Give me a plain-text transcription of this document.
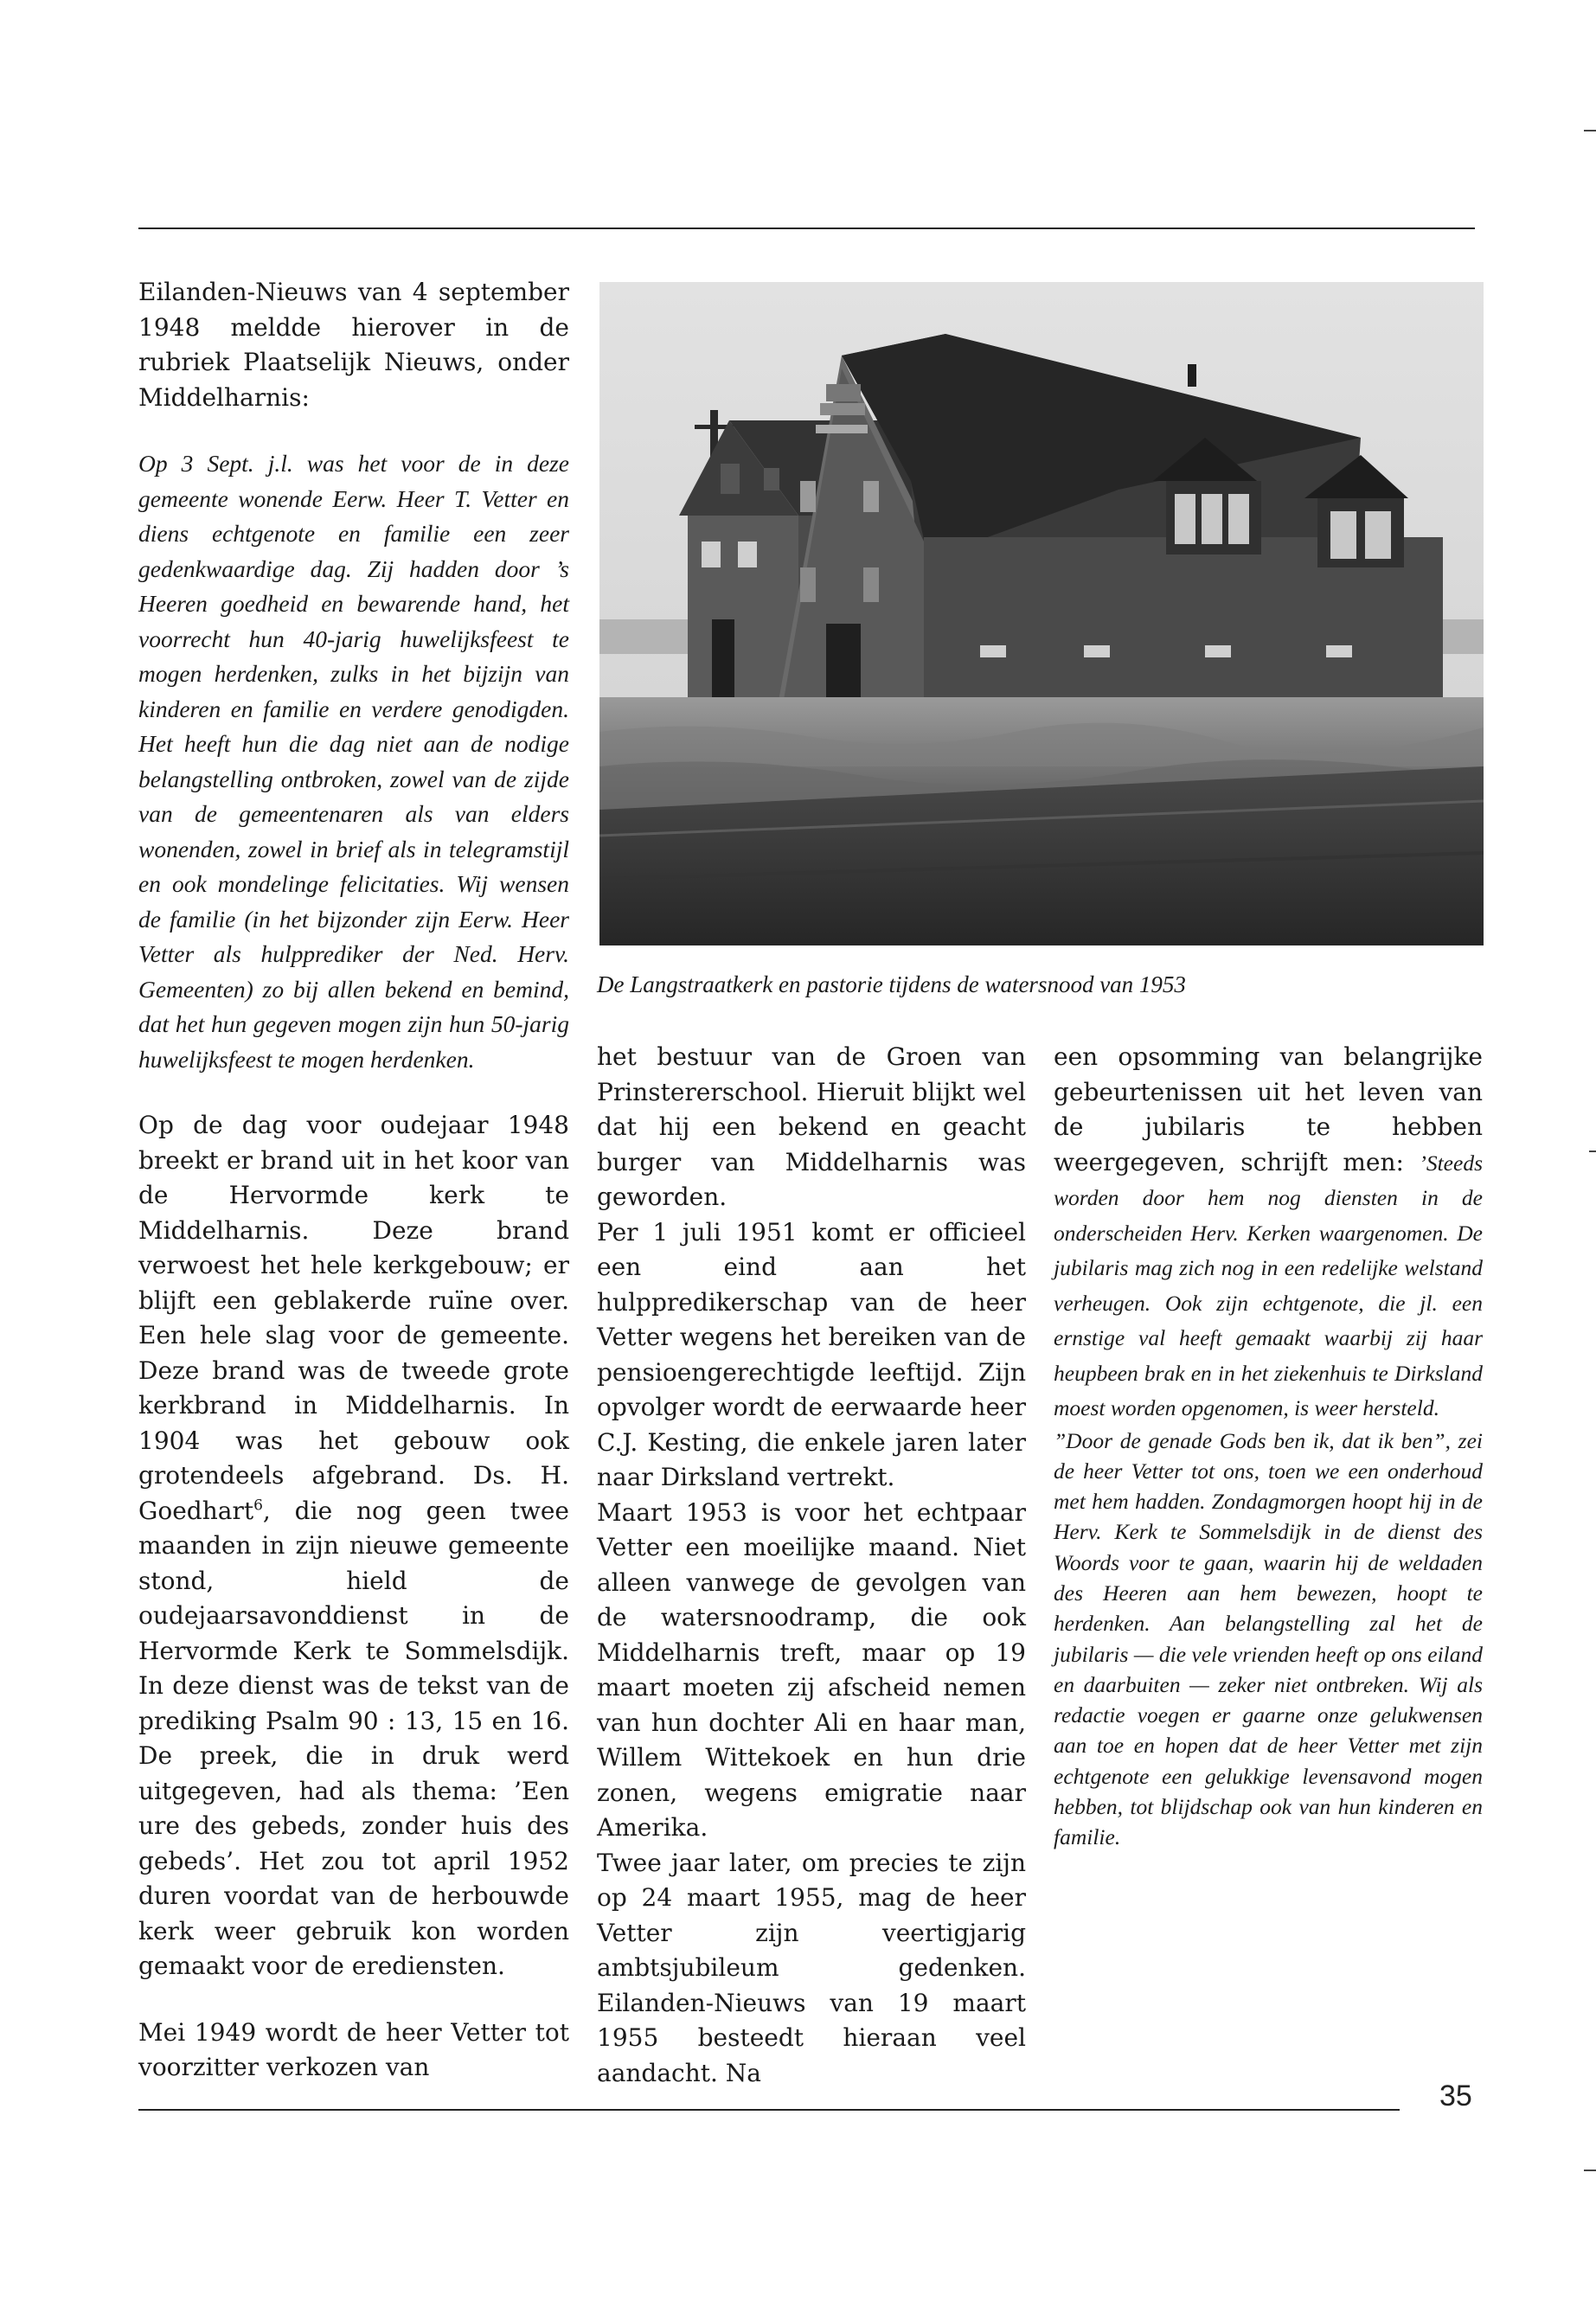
Eilanden-Nieuws van 4 september 1948 meldde hierover in de rubriek Plaatselijk Nieuws, onder Middelharnis:

Op 3 Sept. j.l. was het voor de in deze gemeente wonende Eerw. Heer T. Vetter en diens echtgenote en familie een zeer gedenkwaardige dag. Zij hadden door ’s Heeren goedheid en bewarende hand, het voorrecht hun 40-jarig huwelijksfeest te mogen herdenken, zulks in het bijzijn van kinderen en familie en verdere genodigden. Het heeft hun die dag niet aan de nodige belangstelling ontbroken, zowel van de zijde van de gemeentenaren als van elders wonenden, zowel in brief als in telegramstijl en ook mondelinge felicitaties. Wij wensen de familie (in het bijzonder zijn Eerw. Heer Vetter als hulpprediker der Ned. Herv. Gemeenten) zo bij allen bekend en bemind, dat het hun gegeven mogen zijn hun 50-jarig huwelijksfeest te mogen herdenken.

Op de dag voor oudejaar 1948 breekt er brand uit in het koor van de Hervormde kerk te Middelharnis. Deze brand verwoest het hele kerkgebouw; er blijft een geblakerde ruïne over. Een hele slag voor de gemeente. Deze brand was de tweede grote kerkbrand in Middelharnis. In 1904 was het gebouw ook grotendeels afgebrand. Ds. H. Goedhart$^6$, die nog geen twee maanden in zijn nieuwe gemeente stond, hield de oudejaarsavonddienst in de Hervormde Kerk te Sommelsdijk. In deze dienst was de tekst van de prediking Psalm 90 : 13, 15 en 16. De preek, die in druk werd uitgegeven, had als thema: ’Een ure des gebeds, zonder huis des gebeds’. Het zou tot april 1952 duren voordat van de herbouwde kerk weer gebruik kon worden gemaakt voor de erediensten.

Mei 1949 wordt de heer Vetter tot voorzitter verkozen van

De Langstraatkerk en pastorie tijdens de watersnood van 1953

het bestuur van de Groen van Prinstererschool. Hieruit blijkt wel dat hij een bekend en geacht burger van Middelharnis was geworden.

Per 1 juli 1951 komt er officieel een eind aan het hulppredikerschap van de heer Vetter wegens het bereiken van de pensioengerechtigde leeftijd. Zijn opvolger wordt de eerwaarde heer C.J. Kesting, die enkele jaren later naar Dirksland vertrekt.

Maart 1953 is voor het echtpaar Vetter een moeilijke maand. Niet alleen vanwege de gevolgen van de watersnoodramp, die ook Middelharnis treft, maar op 19 maart moeten zij afscheid nemen van hun dochter Ali en haar man, Willem Wittekoek en hun drie zonen, wegens emigratie naar Amerika.

Twee jaar later, om precies te zijn op 24 maart 1955, mag de heer Vetter zijn veertigjarig ambtsjubileum gedenken. Eilanden-Nieuws van 19 maart 1955 besteedt hieraan veel aandacht. Na

een opsomming van belangrijke gebeurtenissen uit het leven van de jubilaris te hebben weergegeven, schrijft men: ’Steeds worden door hem nog diensten in de onderscheiden Herv. Kerken waargenomen. De jubilaris mag zich nog in een redelijke welstand verheugen. Ook zijn echtgenote, die jl. een ernstige val heeft gemaakt waarbij zij haar heupbeen brak en in het ziekenhuis te Dirksland moest worden opgenomen, is weer hersteld.

”Door de genade Gods ben ik, dat ik ben”, zei de heer Vetter tot ons, toen we een onderhoud met hem hadden. Zondagmorgen hoopt hij in de Herv. Kerk te Sommelsdijk in de dienst des Woords voor te gaan, waarin hij de weldaden des Heeren aan hem bewezen, hoopt te herdenken. Aan belangstelling zal het de jubilaris — die vele vrienden heeft op ons eiland en daarbuiten — zeker niet ontbreken. Wij als redactie voegen er gaarne onze gelukwensen aan toe en hopen dat de heer Vetter met zijn echtgenote een gelukkige levensavond mogen hebben, tot blijdschap ook van hun kinderen en familie.

35
